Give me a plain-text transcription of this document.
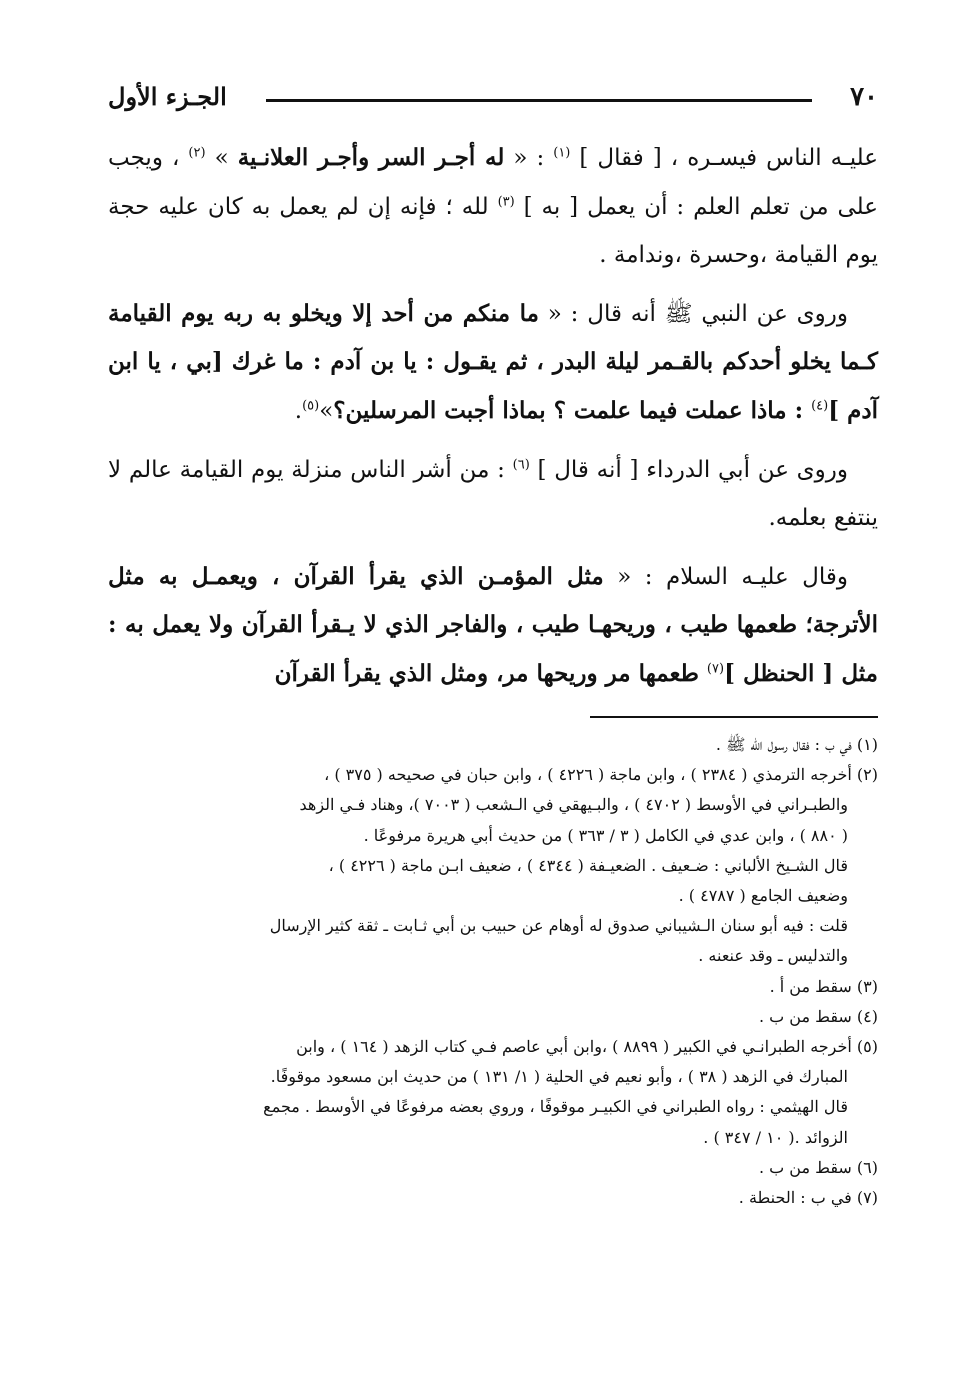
٧٠
الجـزء الأول

عليـه الناس فيسـره ، [ فقال ] $^{(١)}$ : « له أجـر السر وأجـر العلانـية » $^{(٢)}$ ، ويجب على من تعلم العلم : أن يعمل [ به ] $^{(٣)}$ لله ؛ فإنه إن لم يعمل به كان عليه حجة يوم القيامة ،وحسرة ،وندامة .

وروى عن النبي ﷺ أنه قال : « ما منكم من أحد إلا ويخلو به ربه يوم القيامة كـما يخلو أحدكم بالقـمر ليلة البدر ، ثم يقـول : يا بن آدم : ما غرك [بي ، يا ابن آدم ]$^{(٤)}$ : ماذا عملت فيما علمت ؟ بماذا أجبت المرسلين؟»$^{(٥)}$.

وروى عن أبي الدرداء [ أنه قال ] $^{(٦)}$ : من أشر الناس منزلة يوم القيامة عالم لا ينتفع بعلمه.

وقال عليـه السلام : « مثل المؤمـن الذي يقرأ القرآن ، ويعمـل به مثل الأترجة؛ طعمها طيب ، وريحهـا طيب ، والفاجر الذي لا يـقرأ القرآن ولا يعمل به : مثل [ الحنظل ]$^{(٧)}$ طعمها مر وريحها مر، ومثل الذي يقرأ القرآن

(١) في ب : فقال رسول الله ﷺ .

(٢) أخرجه الترمذي ( ٢٣٨٤ ) ، وابن ماجة ( ٤٢٢٦ ) ، وابن حبان في صحيحه ( ٣٧٥ ) ،

والطبـراني في الأوسط ( ٤٧٠٢ ) ، والبـيهقي في الـشعب ( ٧٠٠٣ )، وهناد فـي الزهد

( ٨٨٠ ) ، وابن عدي في الكامل ( ٣ / ٣٦٣ ) من حديث أبي هريرة مرفوعًا .

قال الشـيخ الألباني : ضـعيف . الضعيـفة ( ٤٣٤٤ ) ، ضعيف ابـن ماجة ( ٤٢٢٦ ) ،

وضعيف الجامع ( ٤٧٨٧ ) .

قلت : فيه أبو سنان الـشيباني صدوق له أوهام عن حبيب بن أبي ثـابت ـ ثقة كثير الإرسال

والتدليس ـ وقد عنعنه .

(٣) سقط من أ .

(٤) سقط من ب .

(٥) أخرجه الطبرانـي في الكبير ( ٨٨٩٩ ) ،وابن أبي عاصم فـي كتاب الزهد ( ١٦٤ ) ، وابن

المبارك في الزهد ( ٣٨ ) ، وأبو نعيم في الحلية ( ١/ ١٣١ ) من حديث ابن مسعود موقوفًا.

قال الهيثمي : رواه الطبراني في الكبيـر موقوفًا ، وروي بعضه مرفوعًا في الأوسط . مجمع

الزوائد .( ١٠ / ٣٤٧ ) .

(٦) سقط من ب .

(٧) في ب : الحنطة .
